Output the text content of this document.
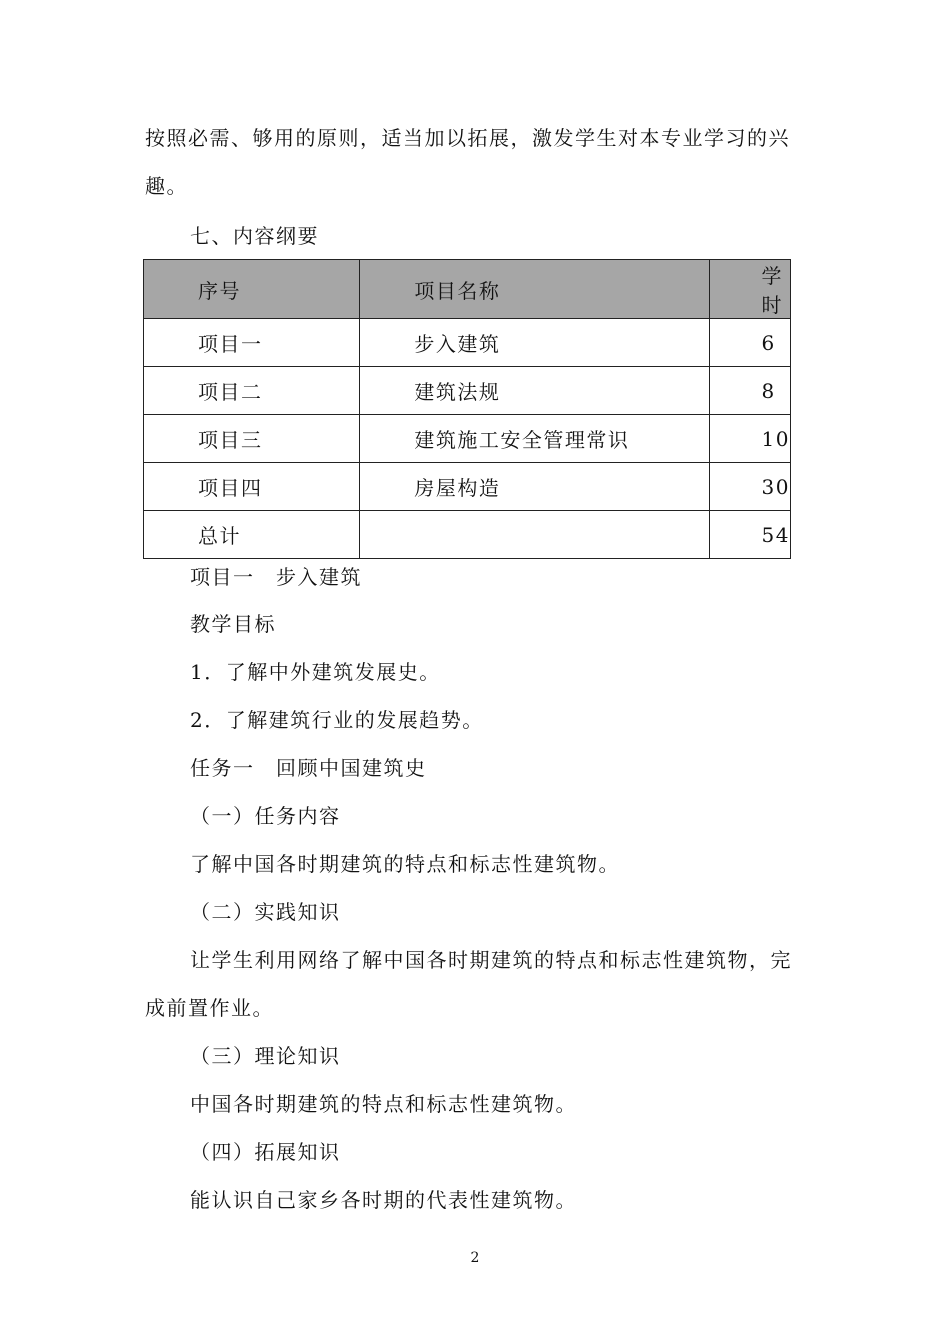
按照必需、够用的原则，适当加以拓展，激发学生对本专业学习的兴
趣。
七、内容纲要
序号	项目名称	学时
项目一	步入建筑	6
项目二	建筑法规	8
项目三	建筑施工安全管理常识	10
项目四	房屋构造	30
总计		54
项目一　步入建筑
教学目标
1．了解中外建筑发展史。
2．了解建筑行业的发展趋势。
任务一　回顾中国建筑史
（一）任务内容
了解中国各时期建筑的特点和标志性建筑物。
（二）实践知识
让学生利用网络了解中国各时期建筑的特点和标志性建筑物，完
成前置作业。
（三）理论知识
中国各时期建筑的特点和标志性建筑物。
（四）拓展知识
能认识自己家乡各时期的代表性建筑物。
2
